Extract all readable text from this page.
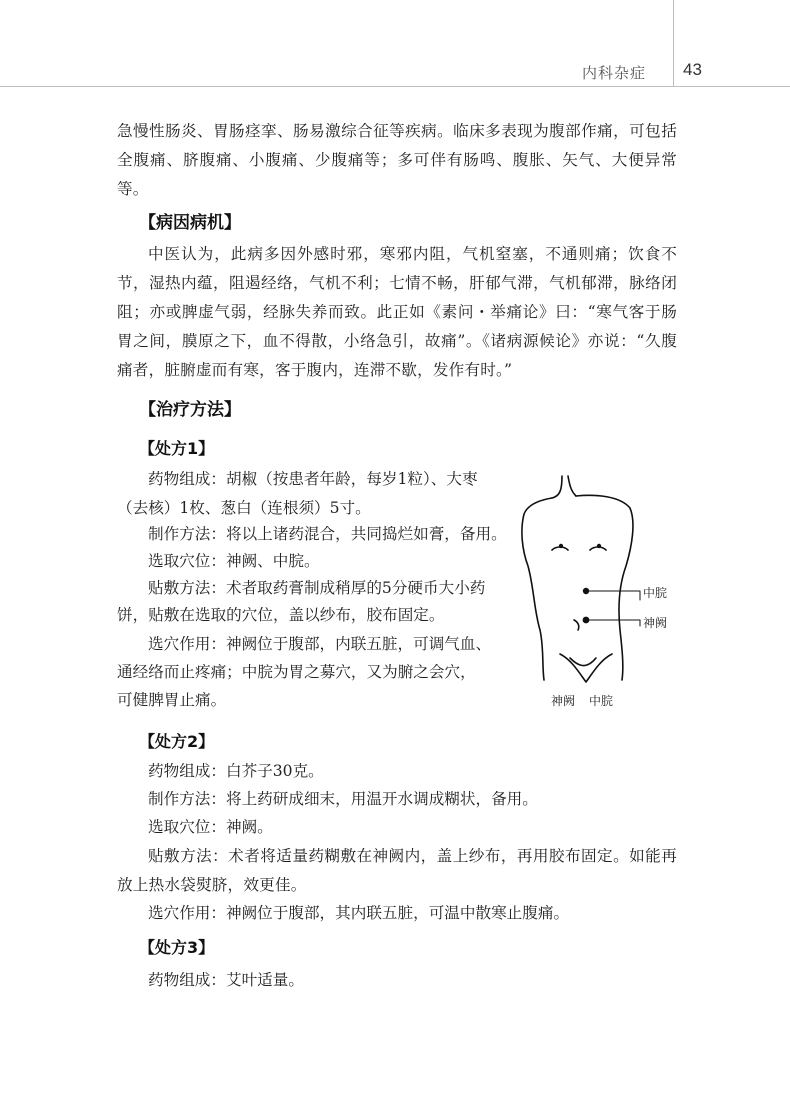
内科杂症 43
急慢性肠炎、胃肠痉挛、肠易激综合征等疾病。临床多表现为腹部作痛，可包括全腹痛、脐腹痛、小腹痛、少腹痛等；多可伴有肠鸣、腹胀、矢气、大便异常等。
【病因病机】
中医认为，此病多因外感时邪，寒邪内阻，气机窒塞，不通则痛；饮食不节，湿热内蕴，阻遏经络，气机不利；七情不畅，肝郁气滞，气机郁滞，脉络闭阻；亦或脾虚气弱，经脉失养而致。此正如《素问・举痛论》曰：“寒气客于肠胃之间，膜原之下，血不得散，小络急引，故痛”。《诸病源候论》亦说：“久腹痛者，脏腑虚而有寒，客于腹内，连滞不歇，发作有时。”
【治疗方法】
【处方1】
药物组成：胡椒（按患者年龄，每岁1粒）、大枣
（去核）1枚、葱白（连根须）5寸。
制作方法：将以上诸药混合，共同捣烂如膏，备用。
选取穴位：神阙、中脘。
贴敷方法：术者取药膏制成稍厚的5分硬币大小药
饼，贴敷在选取的穴位，盖以纱布，胶布固定。
选穴作用：神阙位于腹部，内联五脏，可调气血、
通经络而止疼痛；中脘为胃之募穴，又为腑之会穴，
可健脾胃止痛。
中脘
神阙
神阙 中脘
【处方2】
药物组成：白芥子30克。
制作方法：将上药研成细末，用温开水调成糊状，备用。
选取穴位：神阙。
贴敷方法：术者将适量药糊敷在神阙内，盖上纱布，再用胶布固定。如能再放上热水袋熨脐，效更佳。
选穴作用：神阙位于腹部，其内联五脏，可温中散寒止腹痛。
【处方3】
药物组成：艾叶适量。
